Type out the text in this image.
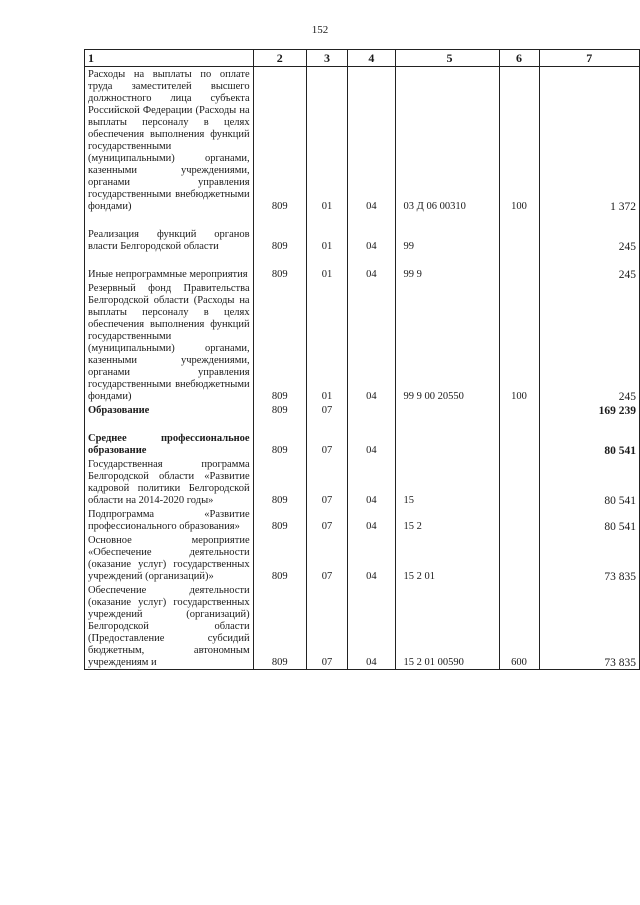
152
1	2	3	4	5	6	7
Расходы на выплаты по оплате труда заместителей высшего должностного лица субъекта Российской Федерации (Расходы на выплаты персоналу в целях обеспечения выполнения функций государственными (муниципальными) органами, казенными учреждениями, органами управления государственными внебюджетными фондами)	809	01	04	03 Д 06 00310	100	1 372

Реализация функций органов власти Белгородской области	809	01	04	99		245

Иные непрограммные мероприятия	809	01	04	99 9		245
Резервный фонд Правительства Белгородской области (Расходы на выплаты персоналу в целях обеспечения выполнения функций государственными (муниципальными) органами, казенными учреждениями, органами управления государственными внебюджетными фондами)	809	01	04	99 9 00 20550	100	245
Образование	809	07				169 239

Среднее профессиональное образование	809	07	04			80 541
Государственная программа Белгородской области «Развитие кадровой политики Белгородской области на 2014-2020 годы»	809	07	04	15		80 541
Подпрограмма «Развитие профессионального образования»	809	07	04	15 2		80 541
Основное мероприятие «Обеспечение деятельности (оказание услуг) государственных учреждений (организаций)»	809	07	04	15 2 01		73 835
Обеспечение деятельности (оказание услуг) государственных учреждений (организаций) Белгородской области (Предоставление субсидий бюджетным, автономным учреждениям и	809	07	04	15 2 01 00590	600	73 835
